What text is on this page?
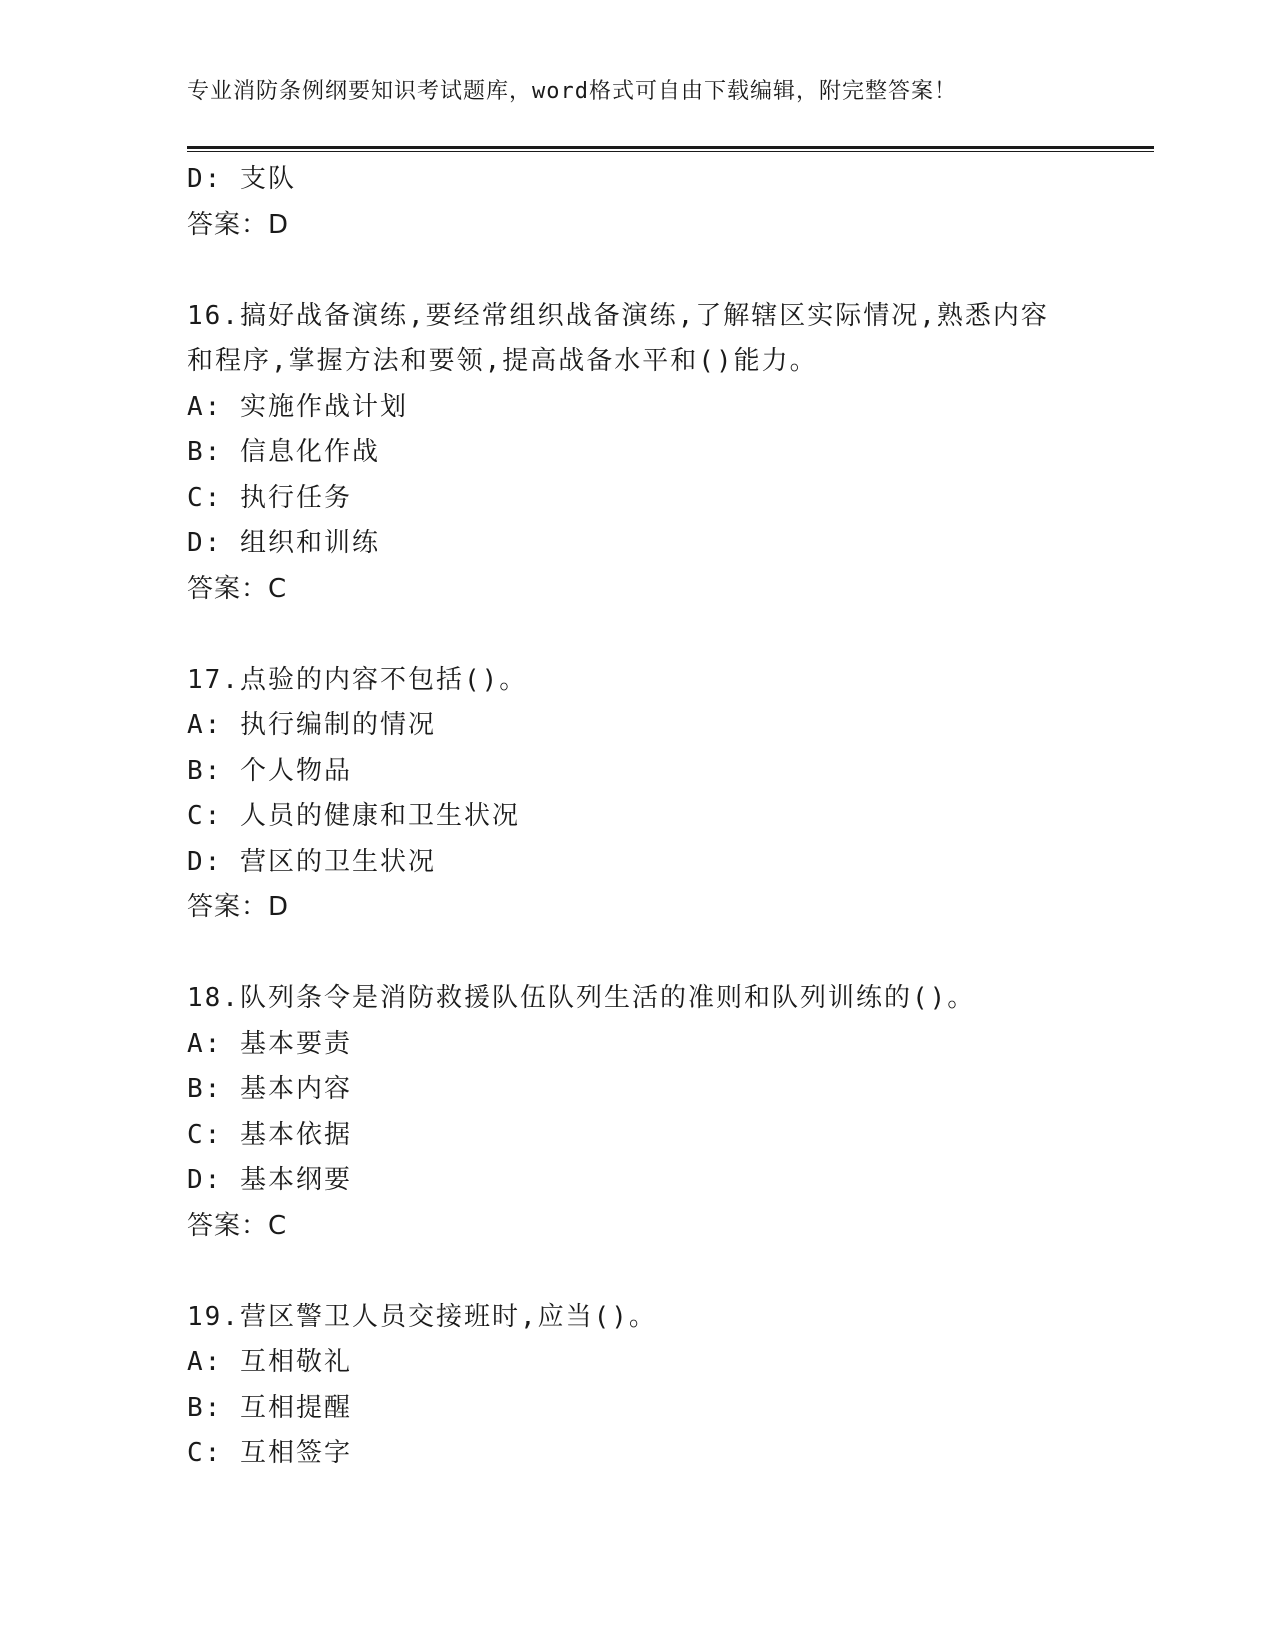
专业消防条例纲要知识考试题库，word格式可自由下载编辑，附完整答案！
D: 支队
答案：D
16.搞好战备演练,要经常组织战备演练,了解辖区实际情况,熟悉内容
和程序,掌握方法和要领,提高战备水平和()能力。
A: 实施作战计划
B: 信息化作战
C: 执行任务
D: 组织和训练
答案：C
17.点验的内容不包括()。
A: 执行编制的情况
B: 个人物品
C: 人员的健康和卫生状况
D: 营区的卫生状况
答案：D
18.队列条令是消防救援队伍队列生活的准则和队列训练的()。
A: 基本要责
B: 基本内容
C: 基本依据
D: 基本纲要
答案：C
19.营区警卫人员交接班时,应当()。
A: 互相敬礼
B: 互相提醒
C: 互相签字
